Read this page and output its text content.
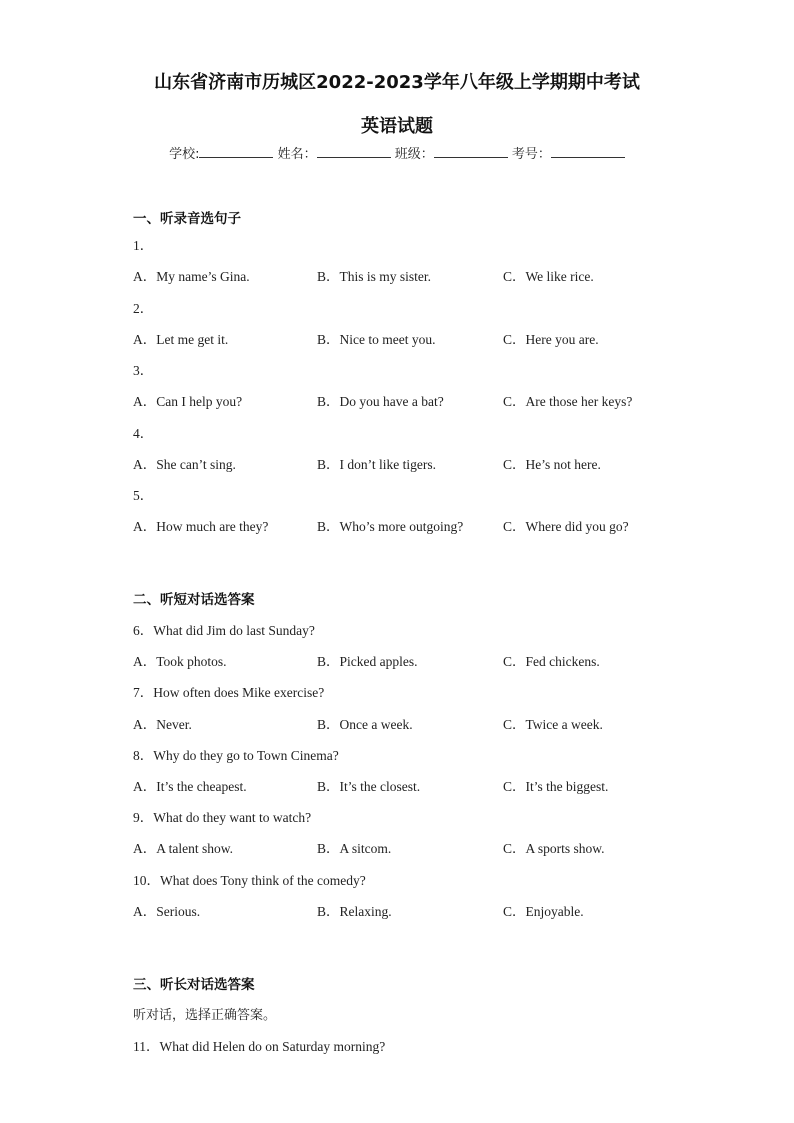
山东省济南市历城区2022-2023学年八年级上学期期中考试
英语试题
学校:	姓名：	班级：	考号：
一、听录音选句子
1．
A．My name’s Gina.	B．This is my sister.	C．We like rice.
2．
A．Let me get it.	B．Nice to meet you.	C．Here you are.
3．
A．Can I help you?	B．Do you have a bat?	C．Are those her keys?
4．
A．She can’t sing.	B．I don’t like tigers.	C．He’s not here.
5．
A．How much are they?	B．Who’s more outgoing?	C．Where did you go?
二、听短对话选答案
6．What did Jim do last Sunday?
A．Took photos.	B．Picked apples.	C．Fed chickens.
7．How often does Mike exercise?
A．Never.	B．Once a week.	C．Twice a week.
8．Why do they go to Town Cinema?
A．It’s the cheapest.	B．It’s the closest.	C．It’s the biggest.
9．What do they want to watch?
A．A talent show.	B．A sitcom.	C．A sports show.
10．What does Tony think of the comedy?
A．Serious.	B．Relaxing.	C．Enjoyable.
三、听长对话选答案
听对话，选择正确答案。
11．What did Helen do on Saturday morning?
